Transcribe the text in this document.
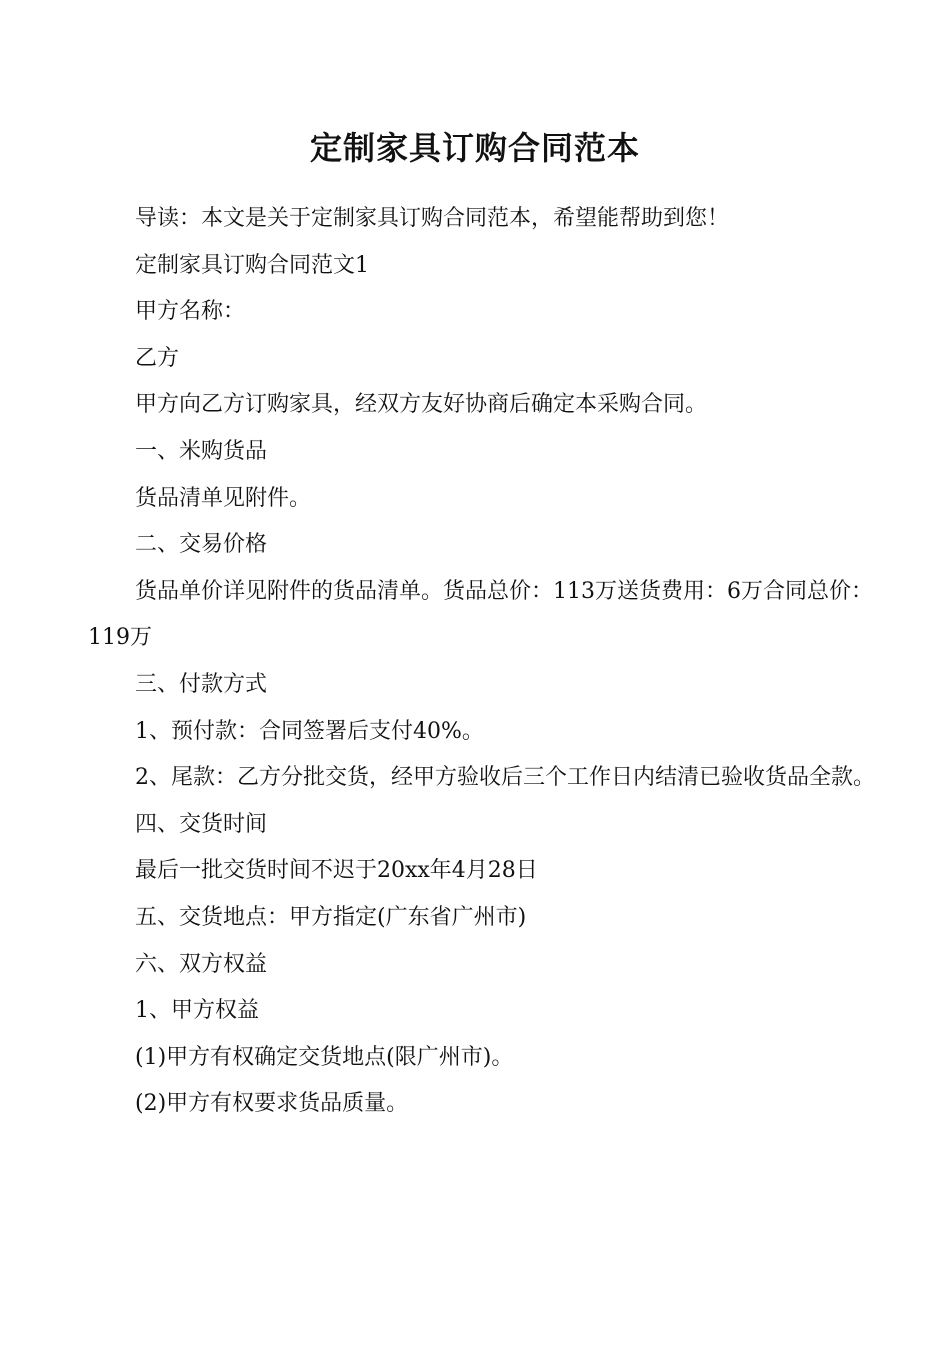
定制家具订购合同范本

导读：本文是关于定制家具订购合同范本，希望能帮助到您！

定制家具订购合同范文1

甲方名称：

乙方

甲方向乙方订购家具，经双方友好协商后确定本采购合同。

一、米购货品

货品清单见附件。

二、交易价格

货品单价详见附件的货品清单。货品总价：113万送货费用：6万合同总价：119万

三、付款方式

1、预付款：合同签署后支付40%。

2、尾款：乙方分批交货，经甲方验收后三个工作日内结清已验收货品全款。

四、交货时间

最后一批交货时间不迟于20xx年4月28日

五、交货地点：甲方指定(广东省广州市)

六、双方权益

1、甲方权益

(1)甲方有权确定交货地点(限广州市)。

(2)甲方有权要求货品质量。
